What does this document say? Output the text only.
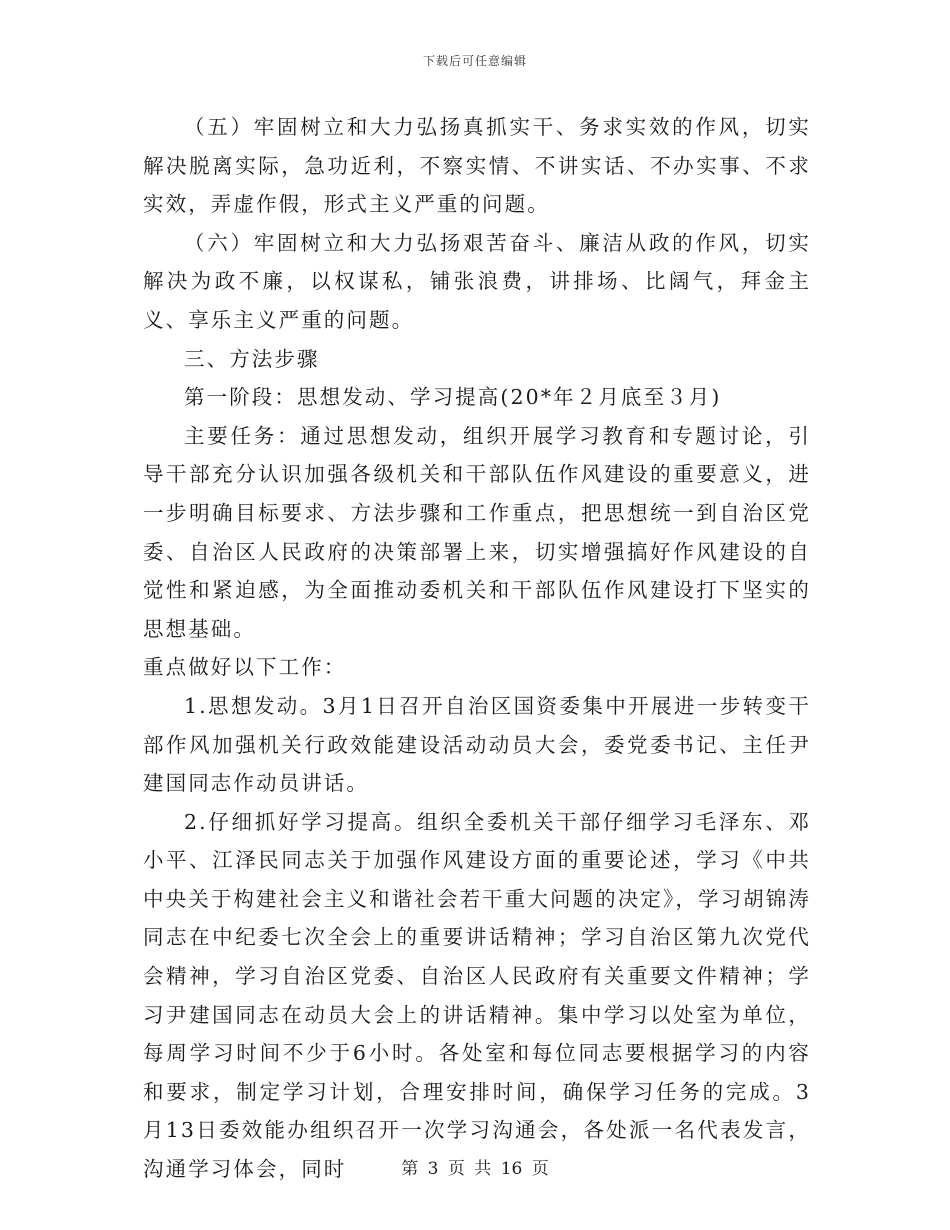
下载后可任意编辑

（五）牢固树立和大力弘扬真抓实干、务求实效的作风，切实解决脱离实际，急功近利，不察实情、不讲实话、不办实事、不求实效，弄虚作假，形式主义严重的问题。

（六）牢固树立和大力弘扬艰苦奋斗、廉洁从政的作风，切实解决为政不廉，以权谋私，铺张浪费，讲排场、比阔气，拜金主义、享乐主义严重的问题。

三、方法步骤

第一阶段：思想发动、学习提高(20*年２月底至３月)

主要任务：通过思想发动，组织开展学习教育和专题讨论，引导干部充分认识加强各级机关和干部队伍作风建设的重要意义，进一步明确目标要求、方法步骤和工作重点，把思想统一到自治区党委、自治区人民政府的决策部署上来，切实增强搞好作风建设的自觉性和紧迫感，为全面推动委机关和干部队伍作风建设打下坚实的思想基础。

重点做好以下工作：

1.思想发动。3月1日召开自治区国资委集中开展进一步转变干部作风加强机关行政效能建设活动动员大会，委党委书记、主任尹建国同志作动员讲话。

2.仔细抓好学习提高。组织全委机关干部仔细学习毛泽东、邓小平、江泽民同志关于加强作风建设方面的重要论述，学习《中共中央关于构建社会主义和谐社会若干重大问题的决定》，学习胡锦涛同志在中纪委七次全会上的重要讲话精神；学习自治区第九次党代会精神，学习自治区党委、自治区人民政府有关重要文件精神；学习尹建国同志在动员大会上的讲话精神。集中学习以处室为单位，每周学习时间不少于6小时。各处室和每位同志要根据学习的内容和要求，制定学习计划，合理安排时间，确保学习任务的完成。3月13日委效能办组织召开一次学习沟通会，各处派一名代表发言，沟通学习体会，同时	第 3 页 共 16 页
